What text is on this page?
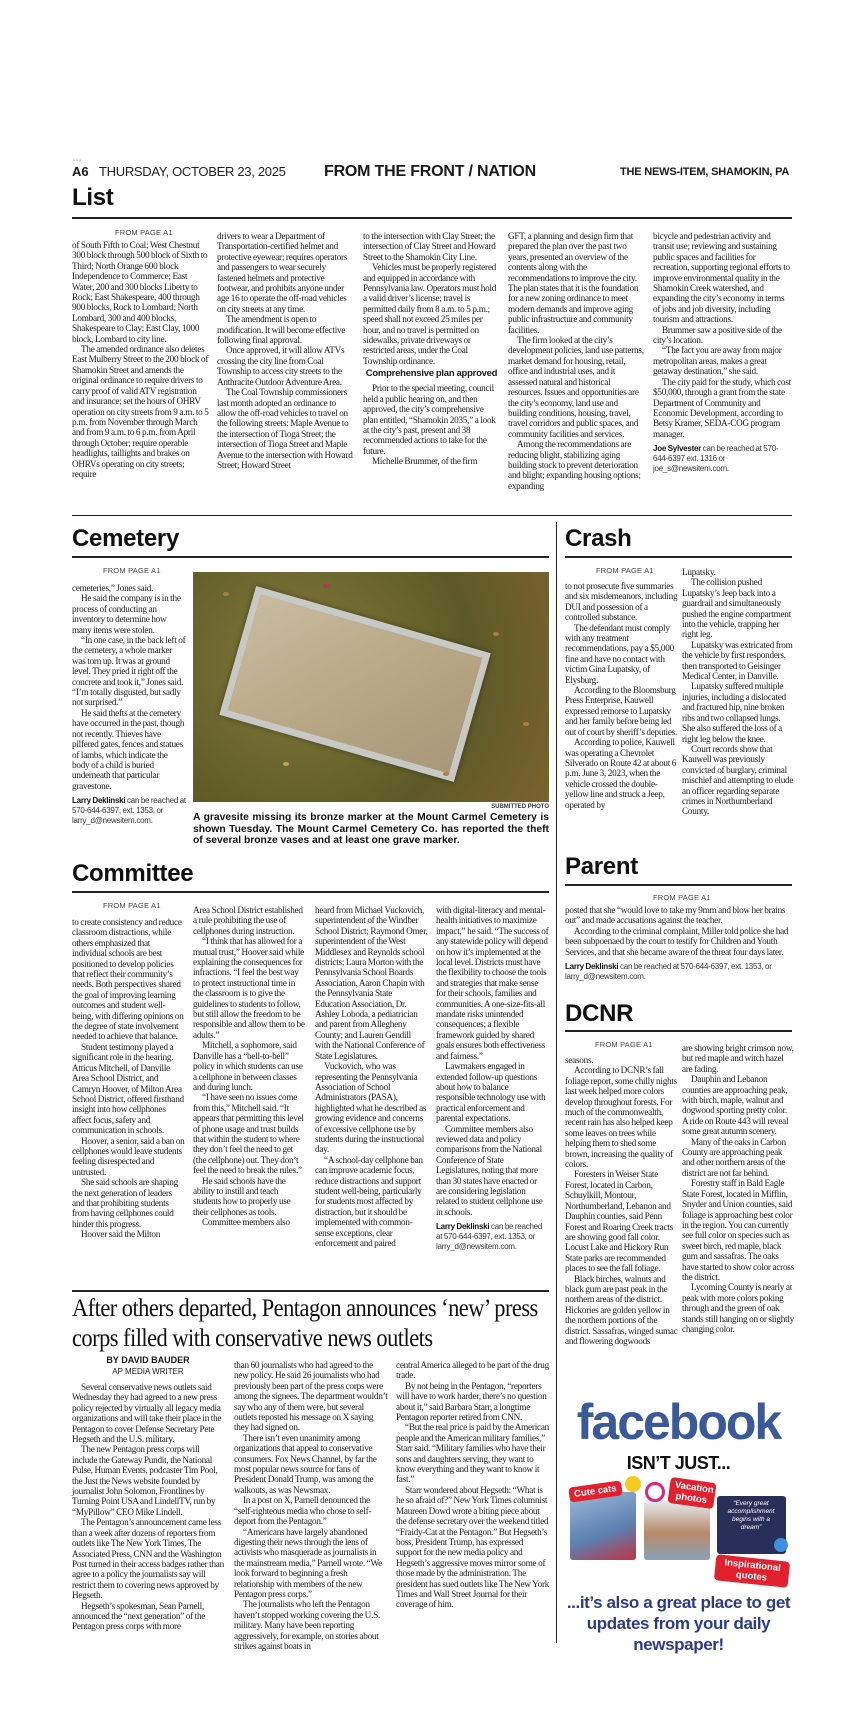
◦◦◦
A6 THURSDAY, OCTOBER 23, 2025 FROM THE FRONT / NATION	THE NEWS-ITEM, SHAMOKIN, PA
List
FROM PAGE A1

of South Fifth to Coal; West Chestnut 300 block through 500 block of Sixth to Third; North Orange 600 block Independence to Commerce; East Water, 200 and 300 blocks Liberty to Rock; East Shakespeare, 400 through 900 blocks, Rock to Lombard; North Lombard, 300 and 400 blocks, Shakespeare to Clay; East Clay, 1000 block, Lombard to city line.

The amended ordinance also deletes East Mulberry Street to the 200 block of Shamokin Street and amends the original ordinance to require drivers to carry proof of valid ATV registration and insurance; set the hours of OHRV operation on city streets from 9 a.m. to 5 p.m. from November through March and from 9 a.m. to 6 p.m. from April through October; require operable headlights, taillights and brakes on OHRVs operating on city streets; require

drivers to wear a Department of Transportation-certified helmet and protective eyewear; requires operators and passengers to wear securely fastened helmets and protective footwear, and prohibits anyone under age 16 to operate the off-road vehicles on city streets at any time.

The amendment is open to modification. It will become effective following final approval.

Once approved, it will allow ATVs crossing the city line from Coal Township to access city streets to the Anthracite Outdoor Adventure Area.

The Coal Township commissioners last month adopted an ordinance to allow the off-road vehicles to travel on the following streets: Maple Avenue to the intersection of Tioga Street; the intersection of Tioga Street and Maple Avenue to the intersection with Howard Street; Howard Street

to the intersection with Clay Street; the intersection of Clay Street and Howard Street to the Shamokin City Line.

Vehicles must be properly registered and equipped in accordance with Pennsylvania law. Operators must hold a valid driver’s license; travel is permitted daily from 8 a.m. to 5 p.m.; speed shall not exceed 25 miles per hour, and no travel is permitted on sidewalks, private driveways or restricted areas, under the Coal Township ordinance.

Comprehensive plan approved

Prior to the special meeting, council held a public hearing on, and then approved, the city’s comprehensive plan entitled, “Shamokin 2035,” a look at the city’s past, present and 38 recommended actions to take for the future.

Michelle Brummer, of the firm

GFT, a planning and design firm that prepared the plan over the past two years, presented an overview of the contents along with the recommendations to improve the city. The plan states that it is the foundation for a new zoning ordinance to meet modern demands and improve aging public infrastructure and community facilities.

The firm looked at the city’s development policies, land use patterns, market demand for housing, retail, office and industrial uses, and it assessed natural and historical resources. Issues and opportunities are the city’s economy, land use and building conditions, housing, travel, travel corridors and public spaces, and community facilities and services.

Among the recommendations are reducing blight, stabilizing aging building stock to prevent deterioration and blight; expanding housing options; expanding

bicycle and pedestrian activity and transit use; reviewing and sustaining public spaces and facilities for recreation, supporting regional efforts to improve environmental quality in the Shamokin Creek watershed, and expanding the city’s economy in terms of jobs and job diversity, including tourism and attractions.

Brummer saw a positive side of the city’s location.

“The fact you are away from major metropolitan areas, makes a great getaway destination,” she said.

The city paid for the study, which cost $50,000, through a grant from the state Department of Community and Economic Development, according to Betsy Kramer, SEDA-COG program manager.

Joe Sylvester can be reached at 570-644-6397 ext. 1316 or joe_s@newsitem.com.

Cemetery
FROM PAGE A1

cemeteries,” Jones said.

He said the company is in the process of conducting an inventory to determine how many items were stolen.

“In one case, in the back left of the cemetery, a whole marker was torn up. It was at ground level. They pried it right off the concrete and took it,” Jones said. “I’m totally disgusted, but sadly not surprised.”

He said thefts at the cemetery have occurred in the past, though not recently. Thieves have pilfered gates, fences and statues of lambs, which indicate the body of a child is buried underneath that particular gravestone.

Larry Deklinski can be reached at 570-644-6397, ext. 1353, or larry_d@newsitem.com.

SUBMITTED PHOTO
A gravesite missing its bronze marker at the Mount Carmel Cemetery is shown Tuesday. The Mount Carmel Cemetery Co. has reported the theft of several bronze vases and at least one grave marker.
Crash
FROM PAGE A1

to not prosecute five summaries and six misdemeanors, including DUI and possession of a controlled substance.

The defendant must comply with any treatment recommendations, pay a $5,000 fine and have no contact with victim Gina Lupatsky, of Elysburg.

According to the Bloomsburg Press Enterprise, Kauwell expressed remorse to Lupatsky and her family before being led out of court by sheriff’s deputies.

According to police, Kauwell was operating a Chevrolet Silverado on Route 42 at about 6 p.m. June 3, 2023, when the vehicle crossed the double-yellow line and struck a Jeep, operated by

Lupatsky.

The collision pushed Lupatsky’s Jeep back into a guardrail and simultaneously pushed the engine compartment into the vehicle, trapping her right leg.

Lupatsky was extricated from the vehicle by first responders, then transported to Geisinger Medical Center, in Danville.

Lupatsky suffered multiple injuries, including a dislocated and fractured hip, nine broken ribs and two collapsed lungs. She also suffered the loss of a right leg below the knee.

Court records show that Kauwell was previously convicted of burglary, criminal mischief and attempting to elude an officer regarding separate crimes in Northumberland County.

Committee
FROM PAGE A1

to create consistency and reduce classroom distractions, while others emphasized that individual schools are best positioned to develop policies that reflect their community’s needs. Both perspectives shared the goal of improving learning outcomes and student well-being, with differing opinions on the degree of state involvement needed to achieve that balance.

Student testimony played a significant role in the hearing. Atticus Mitchell, of Danville Area School District, and Camryn Hoover, of Milton Area School District, offered firsthand insight into how cellphones affect focus, safety and communication in schools.

Hoover, a senior, said a ban on cellphones would leave students feeling disrespected and untrusted.

She said schools are shaping the next generation of leaders and that prohibiting students from having cellphones could hinder this progress.

Hoover said the Milton

Area School District established a rule prohibiting the use of cellphones during instruction.

“I think that has allowed for a mutual trust,” Hoover said while explaining the consequences for infractions. “I feel the best way to protect instructional time in the classroom is to give the guidelines to students to follow, but still allow the freedom to be responsible and allow them to be adults.”

Mitchell, a sophomore, said Danville has a “bell-to-bell” policy in which students can use a cellphone in between classes and during lunch.

“I have seen no issues come from this,” Mitchell said. “It appears that permitting this level of phone usage and trust builds that within the student to where they don’t feel the need to get (the cellphone) out. They don’t feel the need to break the rules.”

He said schools have the ability to instill and teach students how to properly use their cellphones as tools.

Committee members also

heard from Michael Vuckovich, superintendent of the Windber School District; Raymond Omer, superintendent of the West Middlesex and Reynolds school districts; Laura Morton with the Pennsylvania School Boards Association, Aaron Chapin with the Pennsylvania State Education Association, Dr. Ashley Loboda, a pediatrician and parent from Allegheny County; and Lauren Gendill with the National Conference of State Legislatures.

Vuckovich, who was representing the Pennsylvania Association of School Administrators (PASA), highlighted what he described as growing evidence and concerns of excessive cellphone use by students during the instructional day.

“A school-day cellphone ban can improve academic focus, reduce distractions and support student well-being, particularly for students most affected by distraction, but it should be implemented with common-sense exceptions, clear enforcement and paired

with digital-literacy and mental-health initiatives to maximize impact,” he said. “The success of any statewide policy will depend on how it’s implemented at the local level. Districts must have the flexibility to choose the tools and strategies that make sense for their schools, families and communities. A one-size-fits-all mandate risks unintended consequences; a flexible framework guided by shared goals ensures both effectiveness and fairness.”

Lawmakers engaged in extended follow-up questions about how to balance responsible technology use with practical enforcement and parental expectations.

Committee members also reviewed data and policy comparisons from the National Conference of State Legislatures, noting that more than 30 states have enacted or are considering legislation related to student cellphone use in schools.

Larry Deklinski can be reached at 570-644-6397, ext. 1353, or larry_d@newsitem.com.

Parent
FROM PAGE A1

posted that she “would love to take my 9mm and blow her brains out” and made accusations against the teacher.

According to the criminal complaint, Miller told police she had been subpoenaed by the court to testify for Children and Youth Services, and that she became aware of the threat four days later.

Larry Deklinski can be reached at 570-644-6397, ext. 1353, or larry_d@newsitem.com.

DCNR
FROM PAGE A1

seasons.

According to DCNR’s fall foliage report, some chilly nights last week helped more colors develop throughout forests. For much of the commonwealth, recent rain has also helped keep some leaves on trees while helping them to shed some brown, increasing the quality of colors.

Foresters in Weiser State Forest, located in Carbon, Schuylkill, Montour, Northumberland, Lebanon and Dauphin counties, said Penn Forest and Roaring Creek tracts are showing good fall color. Locust Lake and Hickory Run State parks are recommended places to see the fall foliage.

Black birches, walnuts and black gum are past peak in the northern areas of the district. Hickories are golden yellow in the northern portions of the district. Sassafras, winged sumac and flowering dogwoods

are showing bright crimson now, but red maple and witch hazel are fading.

Dauphin and Lebanon counties are approaching peak, with birch, maple, walnut and dogwood sporting pretty color. A ride on Route 443 will reveal some great autumn scenery.

Many of the oaks in Carbon County are approaching peak and other northern areas of the district are not far behind.

Forestry staff in Bald Eagle State Forest, located in Mifflin, Snyder and Union counties, said foliage is approaching best color in the region. You can currently see full color on species such as sweet birch, red maple, black gum and sassafras. The oaks have started to show color across the district.

Lycoming County is nearly at peak with more colors poking through and the green of oak stands still hanging on or slightly changing color.

After others departed, Pentagon announces ‘new’ press corps filled with conservative news outlets
BY DAVID BAUDER
AP MEDIA WRITER

Several conservative news outlets said Wednesday they had agreed to a new press policy rejected by virtually all legacy media organizations and will take their place in the Pentagon to cover Defense Secretary Pete Hegseth and the U.S. military.

The new Pentagon press corps will include the Gateway Pundit, the National Pulse, Human Events, podcaster Tim Pool, the Just the News website founded by journalist John Solomon, Frontlines by Turning Point USA and LindellTV, run by “MyPillow” CEO Mike Lindell.

The Pentagon’s announcement came less than a week after dozens of reporters from outlets like The New York Times, The Associated Press, CNN and the Washington Post turned in their access badges rather than agree to a policy the journalists say will restrict them to covering news approved by Hegseth.

Hegseth’s spokesman, Sean Parnell, announced the “next generation” of the Pentagon press corps with more

than 60 journalists who had agreed to the new policy. He said 26 journalists who had previously been part of the press corps were among the signees. The department wouldn’t say who any of them were, but several outlets reposted his message on X saying they had signed on.

There isn’t even unanimity among organizations that appeal to conservative consumers. Fox News Channel, by far the most popular news source for fans of President Donald Trump, was among the walkouts, as was Newsmax.

In a post on X, Parnell denounced the “self-righteous media who chose to self-deport from the Pentagon.”

“Americans have largely abandoned digesting their news through the lens of activists who masquerade as journalists in the mainstream media,” Parnell wrote. “We look forward to beginning a fresh relationship with members of the new Pentagon press corps.”

The journalists who left the Pentagon haven’t stopped working covering the U.S. military. Many have been reporting aggressively, for example, on stories about strikes against boats in

central America alleged to be part of the drug trade.

By not being in the Pentagon, “reporters will have to work harder, there’s no question about it,” said Barbara Starr, a longtime Pentagon reporter retired from CNN.

“But the real price is paid by the American people and the American military families,” Starr said. “Military families who have their sons and daughters serving, they want to know everything and they want to know it fast.”

Starr wondered about Hegseth: “What is he so afraid of?” New York Times columnist Maureen Dowd wrote a biting piece about the defense secretary over the weekend titled “Fraidy-Cat at the Pentagon.” But Hegseth’s boss, President Trump, has expressed support for the new media policy and Hegseth’s aggressive moves mirror some of those made by the administration. The president has sued outlets like The New York Times and Wall Street Journal for their coverage of him.

facebook
ISN’T JUST...
Cute cats	Vacation photos	“Every great accomplishment begins with a dream”
Inspirational quotes
...it’s also a great place to get updates from your daily newspaper!
